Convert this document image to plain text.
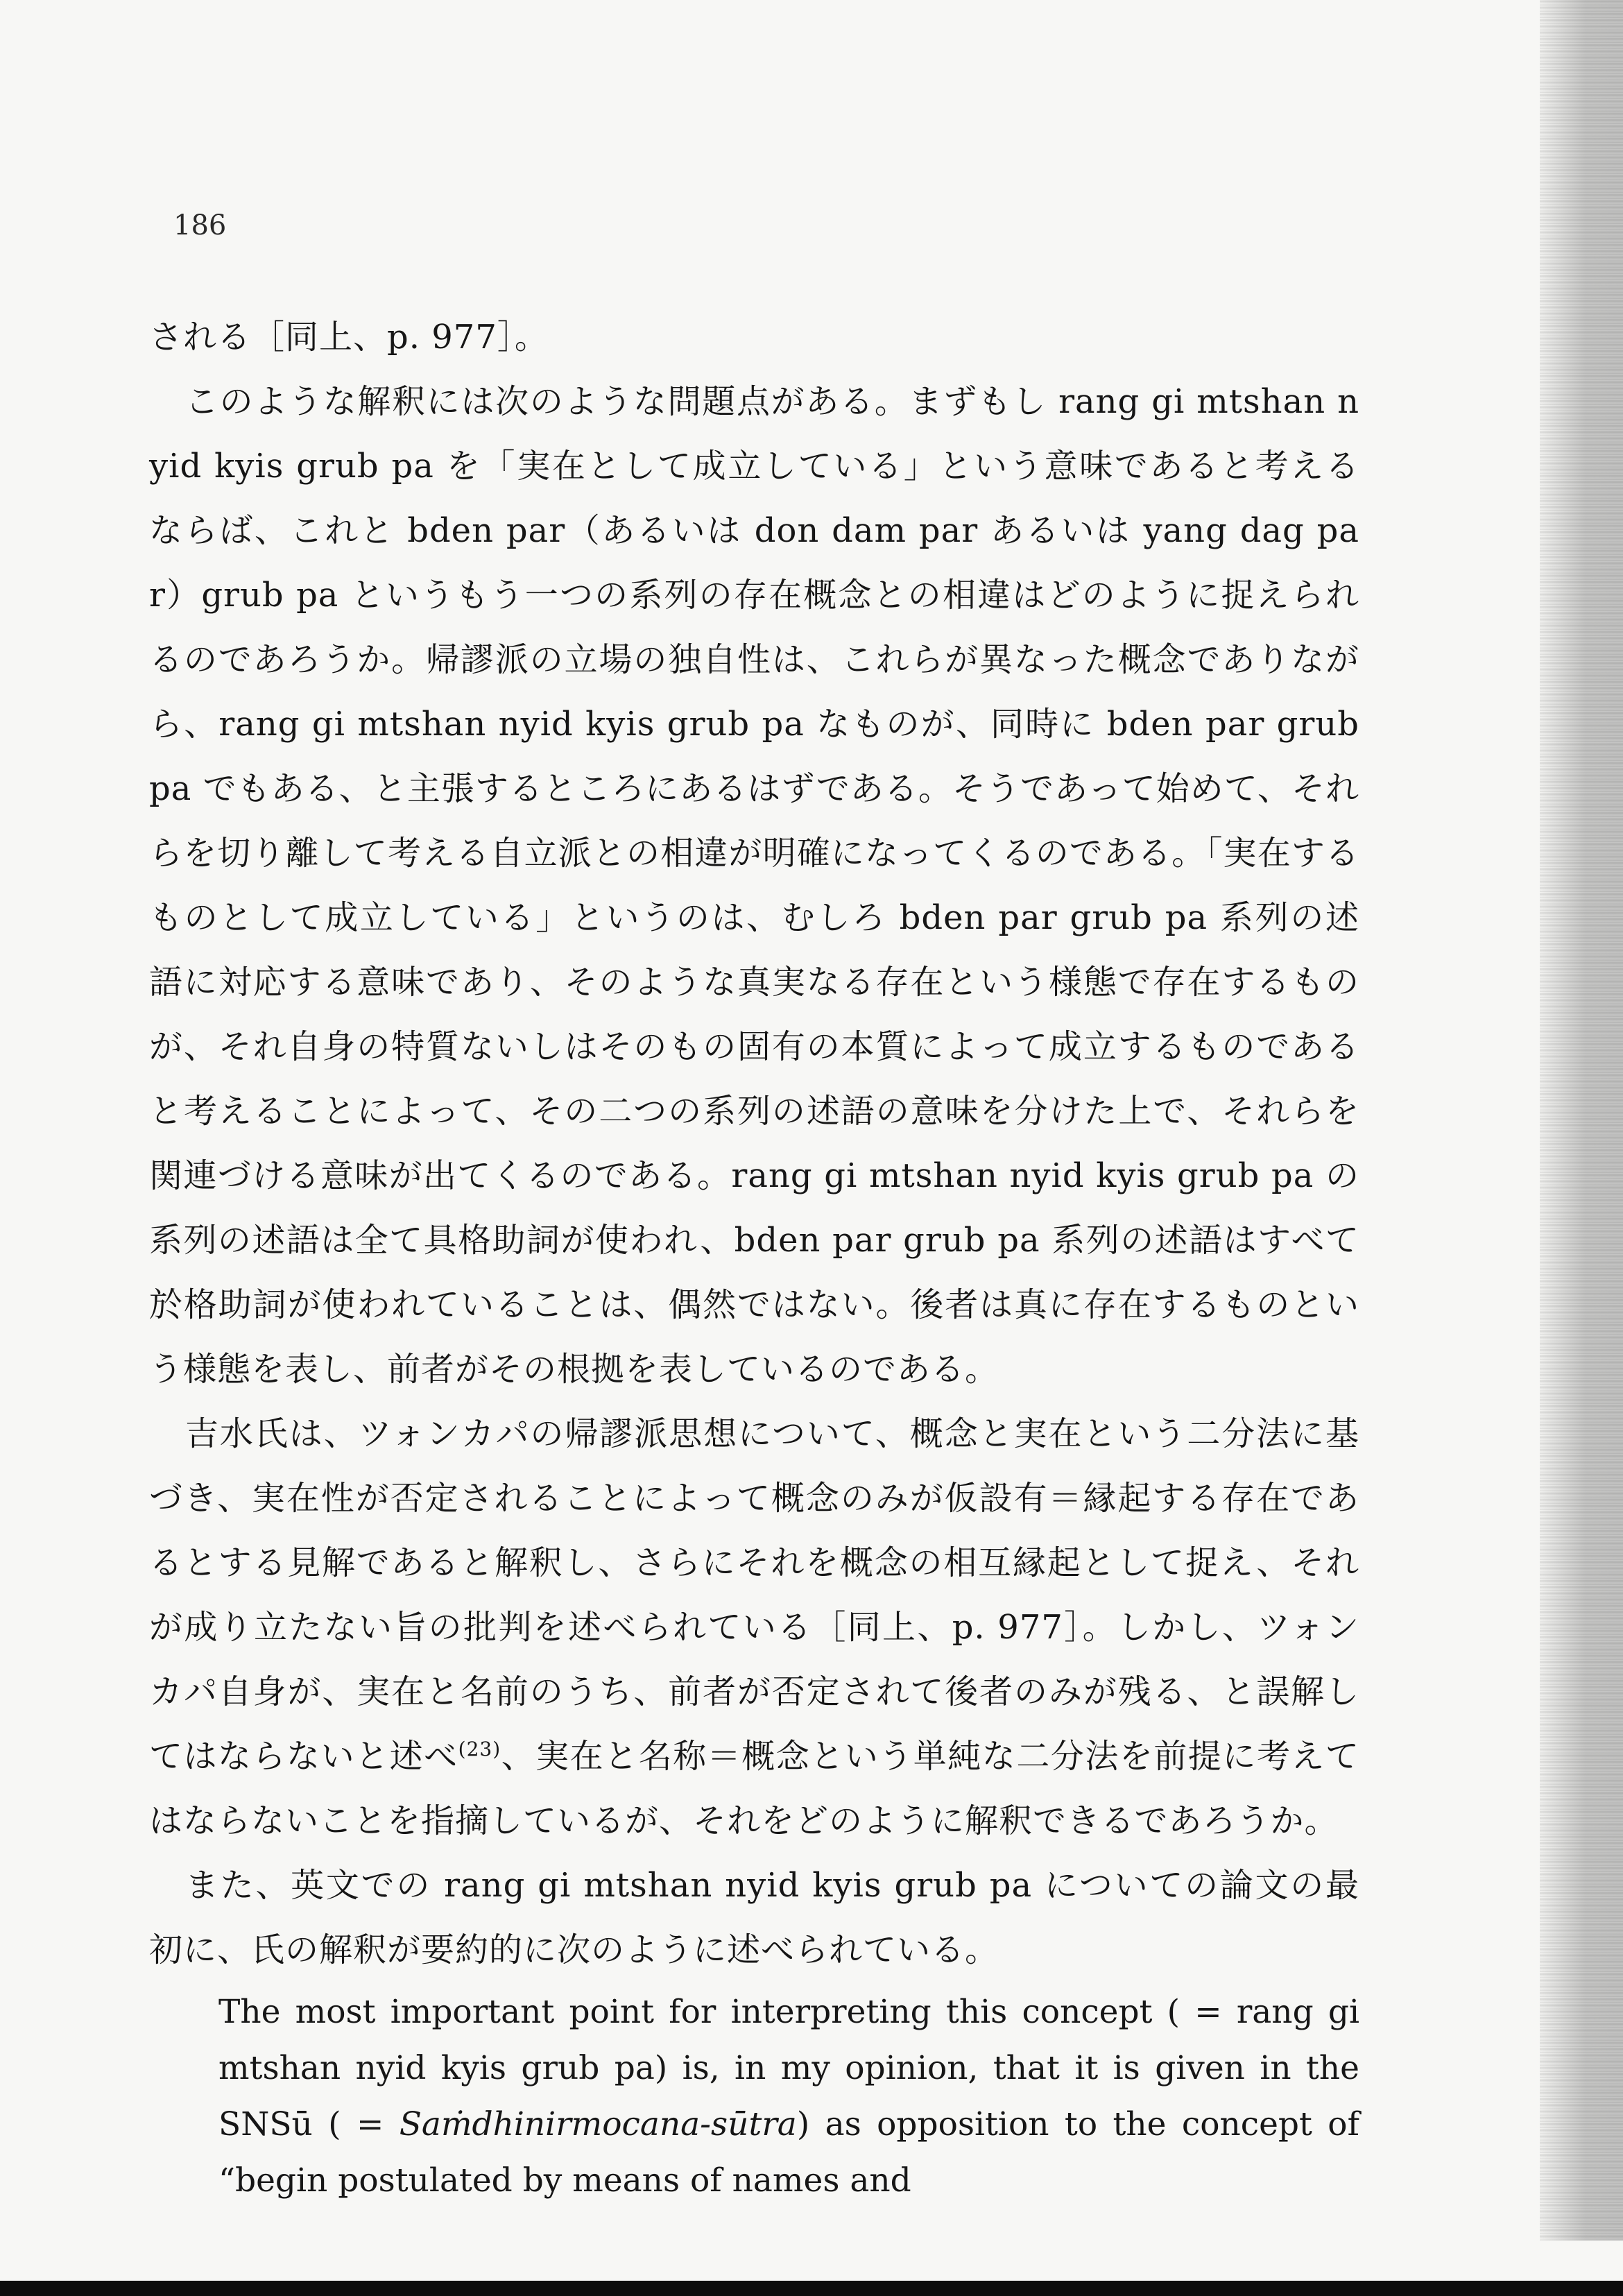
186

される［同上、p. 977］。

このような解釈には次のような問題点がある。まずもし rang gi mtshan nyid kyis grub pa を「実在として成立している」という意味であると考えるならば、これと bden par（あるいは don dam par あるいは yang dag par）grub pa というもう一つの系列の存在概念との相違はどのように捉えられるのであろうか。帰謬派の立場の独自性は、これらが異なった概念でありながら、rang gi mtshan nyid kyis grub pa なものが、同時に bden par grub pa でもある、と主張するところにあるはずである。そうであって始めて、それらを切り離して考える自立派との相違が明確になってくるのである。「実在するものとして成立している」というのは、むしろ bden par grub pa 系列の述語に対応する意味であり、そのような真実なる存在という様態で存在するものが、それ自身の特質ないしはそのもの固有の本質によって成立するものであると考えることによって、その二つの系列の述語の意味を分けた上で、それらを関連づける意味が出てくるのである。rang gi mtshan nyid kyis grub pa の系列の述語は全て具格助詞が使われ、bden par grub pa 系列の述語はすべて於格助詞が使われていることは、偶然ではない。後者は真に存在するものという様態を表し、前者がその根拠を表しているのである。

吉水氏は、ツォンカパの帰謬派思想について、概念と実在という二分法に基づき、実在性が否定されることによって概念のみが仮設有＝縁起する存在であるとする見解であると解釈し、さらにそれを概念の相互縁起として捉え、それが成り立たない旨の批判を述べられている［同上、p. 977］。しかし、ツォンカパ自身が、実在と名前のうち、前者が否定されて後者のみが残る、と誤解してはならないと述べ$^{(23)}$、実在と名称＝概念という単純な二分法を前提に考えてはならないことを指摘しているが、それをどのように解釈できるであろうか。

また、英文での rang gi mtshan nyid kyis grub pa についての論文の最初に、氏の解釈が要約的に次のように述べられている。

The most important point for interpreting this concept ( = rang gi mtshan nyid kyis grub pa) is, in my opinion, that it is given in the SNSū ( = Saṁdhinirmocana-sūtra) as opposition to the concept of “begin postulated by means of names and
